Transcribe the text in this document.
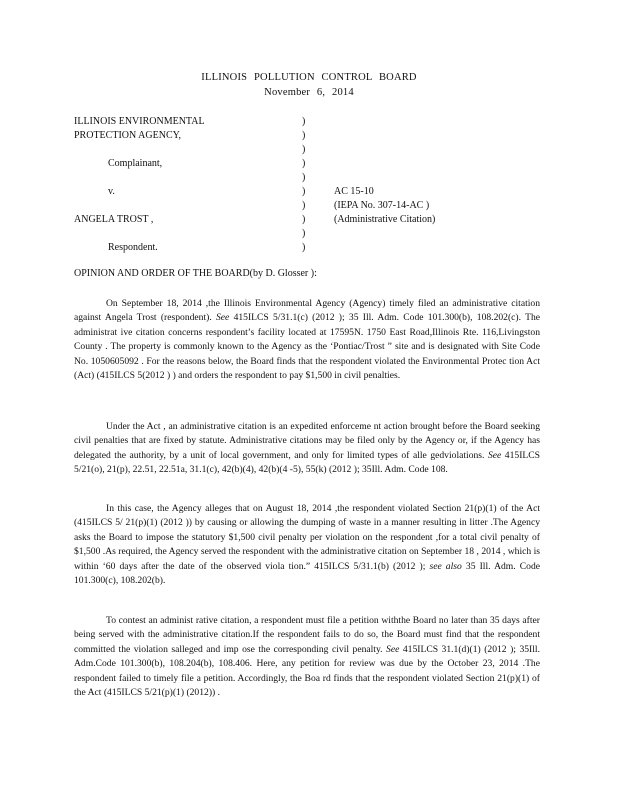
ILLINOIS POLLUTION CONTROL BOARD
November 6, 2014
ILLINOIS ENVIRONMENTAL
PROTECTION AGENCY,
Complainant,
v.
ANGELA TROST ,
Respondent.
)
)
)
)
)
)
)
)
)
)
AC 15-10
(IEPA No. 307-14-AC )
(Administrative Citation)
OPINION AND ORDER OF THE BOARD(by D. Glosser ):

On September 18, 2014 ,the Illinois Environmental Agency (Agency) timely filed an administrative citation against Angela Trost (respondent). See 415ILCS 5/31.1(c) (2012 ); 35 Ill. Adm. Code 101.300(b), 108.202(c). The administrat ive citation concerns respondent’s facility located at 17595N. 1750 East Road,Illinois Rte. 116,Livingston County . The property is commonly known to the Agency as the ‘Pontiac/Trost ” site and is designated with Site Code No. 1050605092 . For the reasons below, the Board finds that the respondent violated the Environmental Protec tion Act (Act) (415ILCS 5(2012 ) ) and orders the respondent to pay $1,500 in civil penalties.

Under the Act , an administrative citation is an expedited enforceme nt action brought before the Board seeking civil penalties that are fixed by statute. Administrative citations may be filed only by the Agency or, if the Agency has delegated the authority, by a unit of local government, and only for limited types of alle gedviolations. See 415ILCS 5/21(o), 21(p), 22.51, 22.51a, 31.1(c), 42(b)(4), 42(b)(4 -5), 55(k) (2012 ); 35Ill. Adm. Code 108.

In this case, the Agency alleges that on August 18, 2014 ,the respondent violated Section 21(p)(1) of the Act (415ILCS 5/ 21(p)(1) (2012 )) by causing or allowing the dumping of waste in a manner resulting in litter .The Agency asks the Board to impose the statutory $1,500 civil penalty per violation on the respondent ,for a total civil penalty of $1,500 .As required, the Agency served the respondent with the administrative citation on September 18 , 2014 , which is within ‘60 days after the date of the observed viola tion.” 415ILCS 5/31.1(b) (2012 ); see also 35 Ill. Adm. Code 101.300(c), 108.202(b).

To contest an administ rative citation, a respondent must file a petition withthe Board no later than 35 days after being served with the administrative citation.If the respondent fails to do so, the Board must find that the respondent committed the violation salleged and imp ose the corresponding civil penalty. See 415ILCS 31.1(d)(1) (2012 ); 35Ill. Adm.Code 101.300(b), 108.204(b), 108.406. Here, any petition for review was due by the October 23, 2014 .The respondent failed to timely file a petition. Accordingly, the Boa rd finds that the respondent violated Section 21(p)(1) of the Act (415ILCS 5/21(p)(1) (2012)) .
